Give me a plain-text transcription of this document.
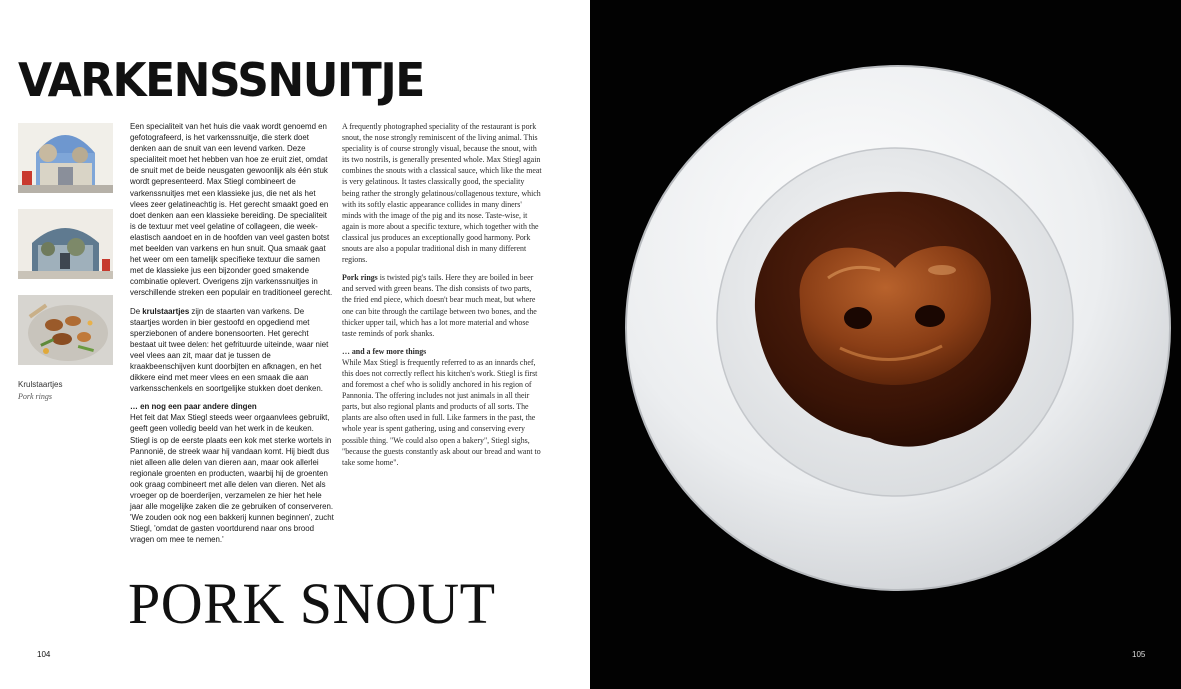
VARKENSSNUITJE
Krulstaartjes
Pork rings

Een specialiteit van het huis die vaak wordt genoemd en gefotografeerd, is het varkenssnuitje, die sterk doet denken aan de snuit van een levend varken. Deze specialiteit moet het hebben van hoe ze eruit ziet, omdat de snuit met de beide neusgaten gewoonlijk als één stuk wordt gepresenteerd. Max Stiegl combineert de varkenssnuitjes met een klassieke jus, die net als het vlees zeer gelatineachtig is. Het gerecht smaakt goed en doet denken aan een klassieke bereiding. De specialiteit is de textuur met veel gelatine of collageen, die week-elastisch aandoet en in de hoofden van veel gasten botst met beelden van varkens en hun snuit. Qua smaak gaat het weer om een tamelijk specifieke textuur die samen met de klassieke jus een bijzonder goed smakende combinatie oplevert. Overigens zijn varkenssnuitjes in verschillende streken een populair en traditioneel gerecht.

De krulstaartjes zijn de staarten van varkens. De staartjes worden in bier gestoofd en opgediend met sperziebonen of andere bonensoorten. Het gerecht bestaat uit twee delen: het gefrituurde uiteinde, waar niet veel vlees aan zit, maar dat je tussen de kraakbeenschijven kunt doorbijten en afknagen, en het dikkere eind met meer vlees en een smaak die aan varkensschenkels en soortgelijke stukken doet denken.

… en nog een paar andere dingen

Het feit dat Max Stiegl steeds weer orgaanvlees gebruikt, geeft geen volledig beeld van het werk in de keuken. Stiegl is op de eerste plaats een kok met sterke wortels in Pannonië, de streek waar hij vandaan komt. Hij biedt dus niet alleen alle delen van dieren aan, maar ook allerlei regionale groenten en producten, waarbij hij de groenten ook graag combineert met alle delen van dieren. Net als vroeger op de boerderijen, verzamelen ze hier het hele jaar alle mogelijke zaken die ze gebruiken of conserveren. 'We zouden ook nog een bakkerij kunnen beginnen', zucht Stiegl, 'omdat de gasten voortdurend naar ons brood vragen om mee te nemen.'

A frequently photographed speciality of the restaurant is pork snout, the nose strongly reminiscent of the living animal. This speciality is of course strongly visual, because the snout, with its two nostrils, is generally presented whole. Max Stiegl again combines the snouts with a classical sauce, which like the meat is very gelatinous. It tastes classically good, the speciality being rather the strongly gelatinous/collagenous texture, which with its softly elastic appearance collides in many diners' minds with the image of the pig and its nose. Taste-wise, it again is more about a specific texture, which together with the classical jus produces an exceptionally good harmony. Pork snouts are also a popular traditional dish in many different regions.

Pork rings is twisted pig's tails. Here they are boiled in beer and served with green beans. The dish consists of two parts, the fried end piece, which doesn't bear much meat, but where one can bite through the cartilage between two bones, and the thicker upper tail, which has a lot more material and whose taste reminds of pork shanks.

… and a few more things

While Max Stiegl is frequently referred to as an innards chef, this does not correctly reflect his kitchen's work. Stiegl is first and foremost a chef who is solidly anchored in his region of Pannonia. The offering includes not just animals in all their parts, but also regional plants and products of all sorts. The plants are also often used in full. Like farmers in the past, the whole year is spent gathering, using and conserving every possible thing. "We could also open a bakery", Stiegl sighs, "because the guests constantly ask about our bread and want to take some home".

PORK SNOUT
104	105
